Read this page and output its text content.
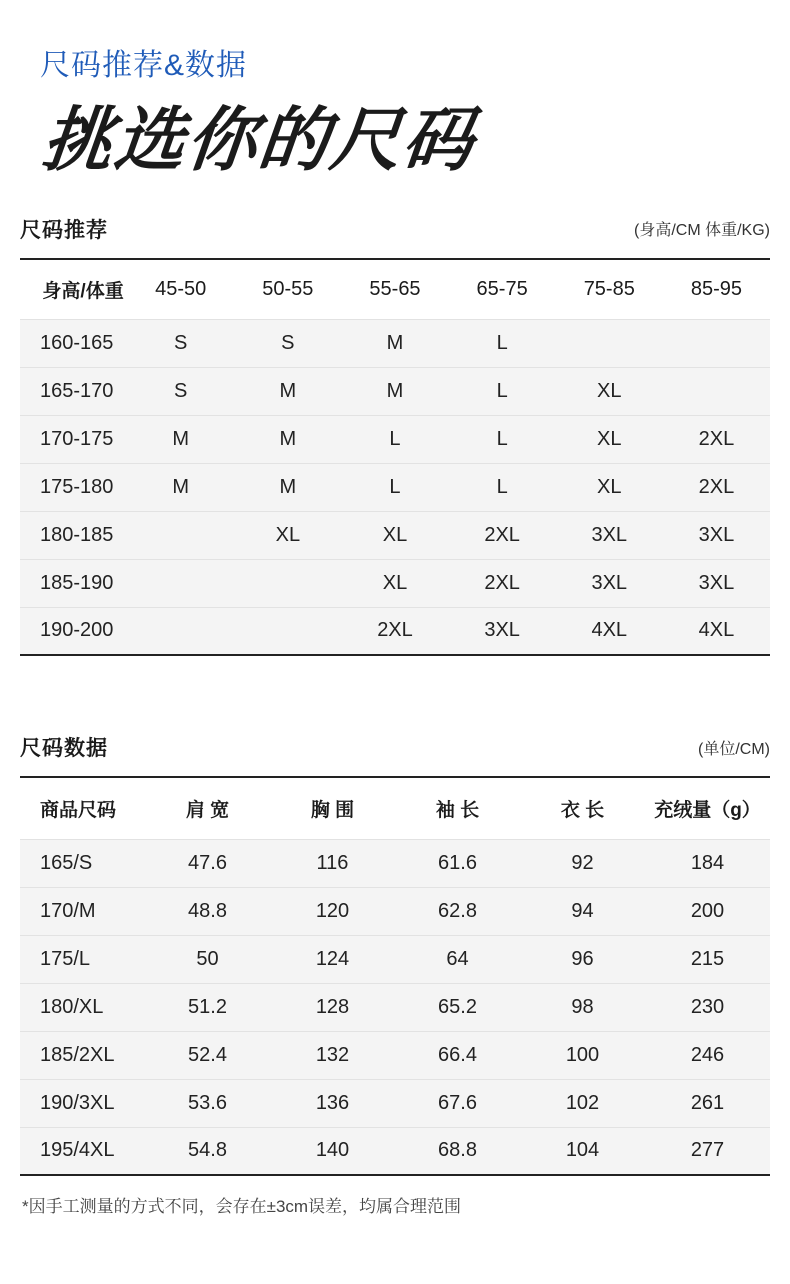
尺码推荐&数据
挑选你的尺码
尺码推荐	(身高/CM 体重/KG)
身高/体重	45-50	50-55	55-65	65-75	75-85	85-95
160-165	S	S	M	L		
165-170	S	M	M	L	XL	
170-175	M	M	L	L	XL	2XL
175-180	M	M	L	L	XL	2XL
180-185		XL	XL	2XL	3XL	3XL
185-190			XL	2XL	3XL	3XL
190-200			2XL	3XL	4XL	4XL
尺码数据	(单位/CM)
商品尺码	肩 宽	胸 围	袖 长	衣 长	充绒量（g）
165/S	47.6	116	61.6	92	184
170/M	48.8	120	62.8	94	200
175/L	50	124	64	96	215
180/XL	51.2	128	65.2	98	230
185/2XL	52.4	132	66.4	100	246
190/3XL	53.6	136	67.6	102	261
195/4XL	54.8	140	68.8	104	277
*因手工测量的方式不同，会存在±3cm误差，均属合理范围
